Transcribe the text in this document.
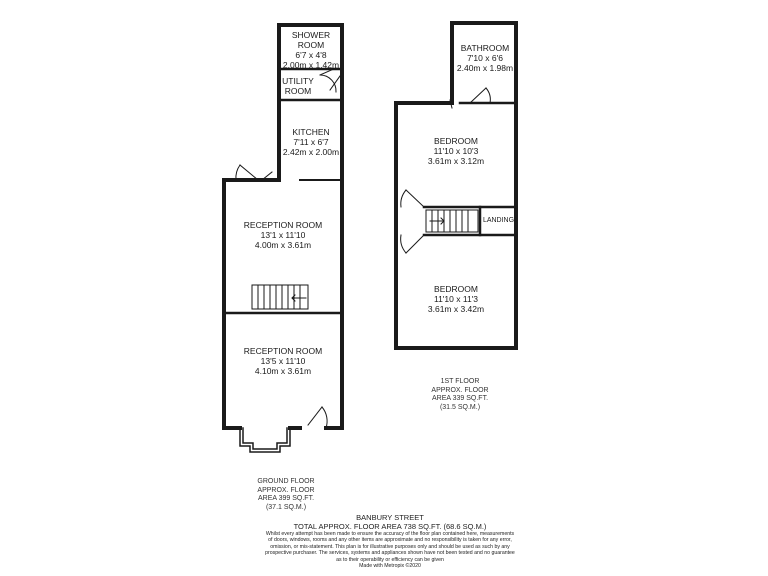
SHOWER
ROOM
6'7 x 4'8
2.00m x 1.42m
UTILITY
ROOM
KITCHEN
7'11 x 6'7
2.42m x 2.00m
RECEPTION ROOM
13'1 x 11'10
4.00m x 3.61m
RECEPTION ROOM
13'5 x 11'10
4.10m x 3.61m
GROUND FLOOR
APPROX. FLOOR
AREA 399 SQ.FT.
(37.1 SQ.M.)
BATHROOM
7'10 x 6'6
2.40m x 1.98m
BEDROOM
11'10 x 10'3
3.61m x 3.12m
LANDING
BEDROOM
11'10 x 11'3
3.61m x 3.42m
1ST FLOOR
APPROX. FLOOR
AREA 339 SQ.FT.
(31.5 SQ.M.)
BANBURY STREET
TOTAL APPROX. FLOOR AREA 738 SQ.FT. (68.6 SQ.M.)
Whilst every attempt has been made to ensure the accuracy of the floor plan contained here, measurements
of doors, windows, rooms and any other items are approximate and no responsibility is taken for any error,
omission, or mis-statement. This plan is for illustrative purposes only and should be used as such by any
prospective purchaser. The services, systems and appliances shown have not been tested and no guarantee
as to their operability or efficiency can be given
Made with Metropix ©2020
